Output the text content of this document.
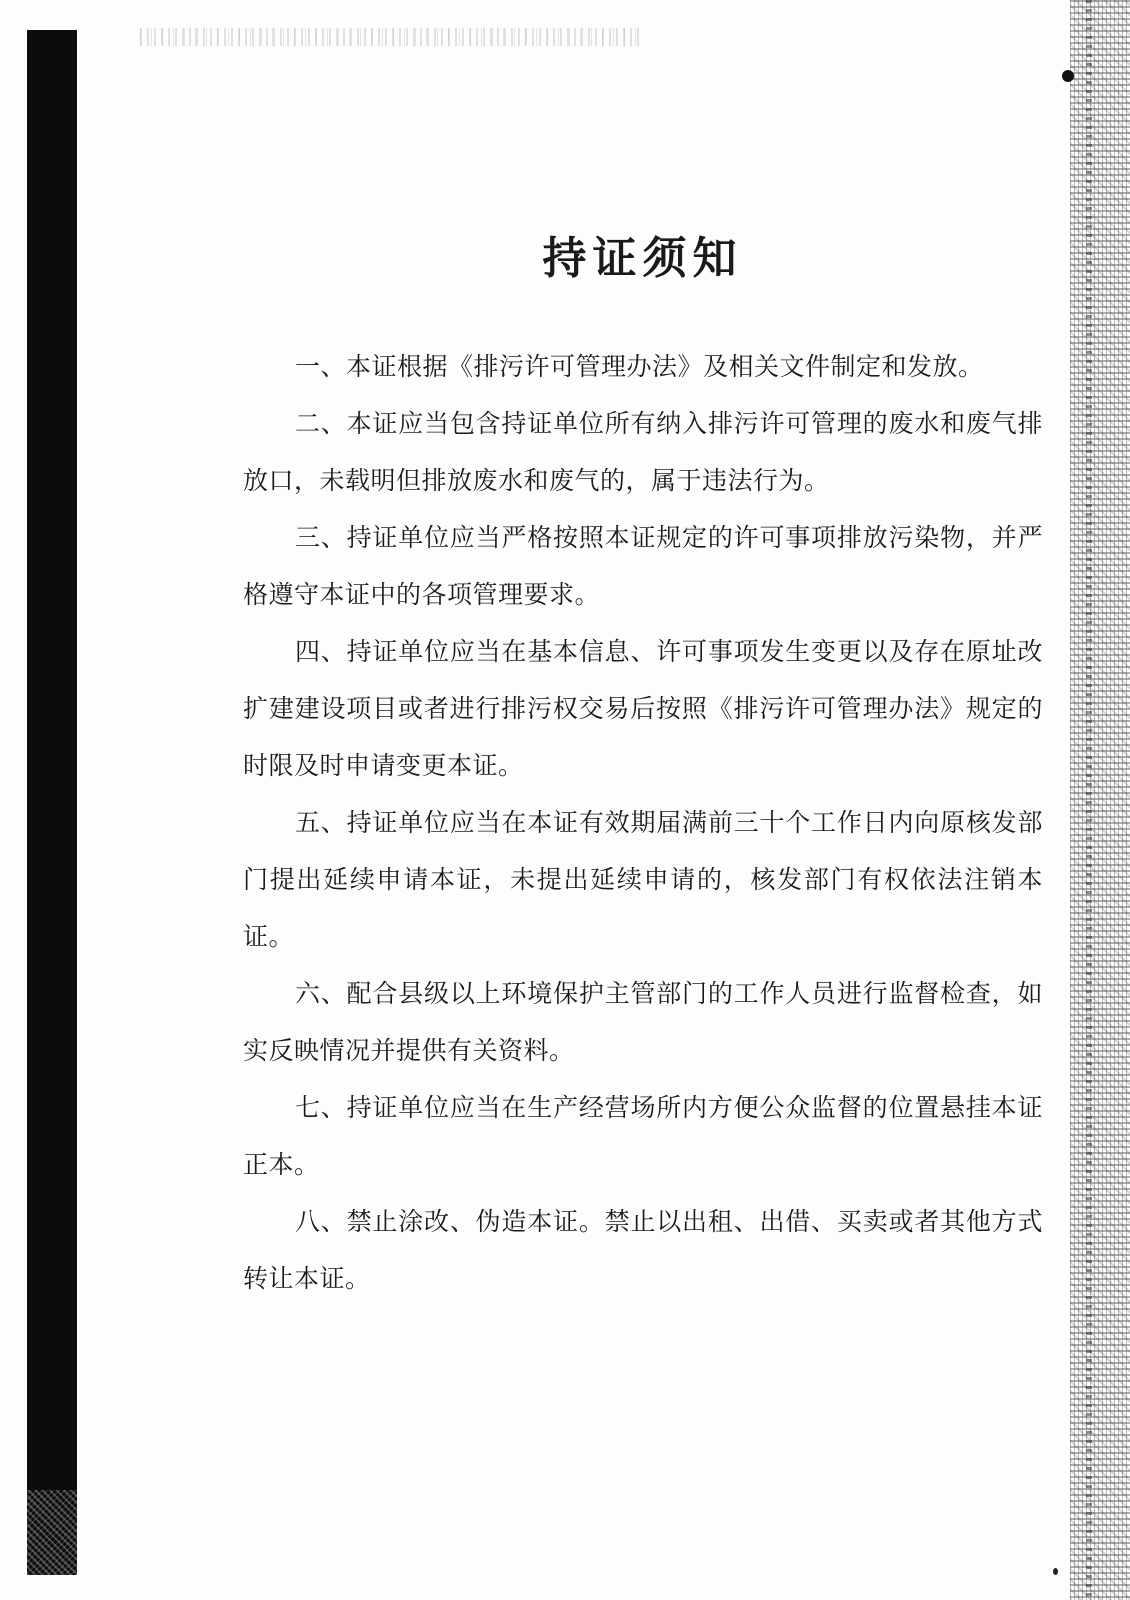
持证须知

一、本证根据《排污许可管理办法》及相关文件制定和发放。

二、本证应当包含持证单位所有纳入排污许可管理的废水和废气排放口，未载明但排放废水和废气的，属于违法行为。

三、持证单位应当严格按照本证规定的许可事项排放污染物，并严格遵守本证中的各项管理要求。

四、持证单位应当在基本信息、许可事项发生变更以及存在原址改扩建建设项目或者进行排污权交易后按照《排污许可管理办法》规定的时限及时申请变更本证。

五、持证单位应当在本证有效期届满前三十个工作日内向原核发部门提出延续申请本证，未提出延续申请的，核发部门有权依法注销本证。

六、配合县级以上环境保护主管部门的工作人员进行监督检查，如实反映情况并提供有关资料。

七、持证单位应当在生产经营场所内方便公众监督的位置悬挂本证正本。

八、禁止涂改、伪造本证。禁止以出租、出借、买卖或者其他方式转让本证。
